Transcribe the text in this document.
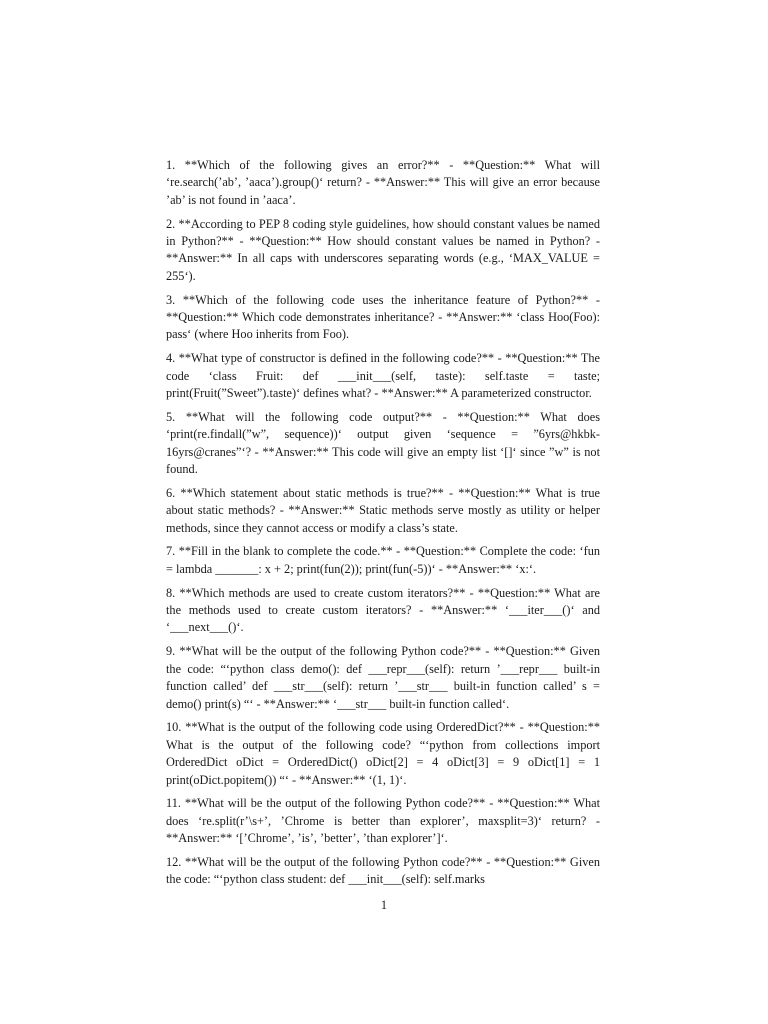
1. **Which of the following gives an error?** - **Question:** What will ‘re.search(’ab’, ’aaca’).group()‘ return? - **Answer:** This will give an error because ’ab’ is not found in ’aaca’.

2. **According to PEP 8 coding style guidelines, how should constant values be named in Python?** - **Question:** How should constant values be named in Python? - **Answer:** In all caps with underscores separating words (e.g., ‘MAX_VALUE = 255‘).

3. **Which of the following code uses the inheritance feature of Python?** - **Question:** Which code demonstrates inheritance? - **Answer:** ‘class Hoo(Foo): pass‘ (where Hoo inherits from Foo).

4. **What type of constructor is defined in the following code?** - **Question:** The code ‘class Fruit: def ___init___(self, taste): self.taste = taste; print(Fruit(”Sweet”).taste)‘ defines what? - **Answer:** A parameterized constructor.

5. **What will the following code output?** - **Question:** What does ‘print(re.findall(”w”, sequence))‘ output given ‘sequence = ”6yrs@hkbk-16yrs@cranes”‘? - **Answer:** This code will give an empty list ‘[]‘ since ”w” is not found.

6. **Which statement about static methods is true?** - **Question:** What is true about static methods? - **Answer:** Static methods serve mostly as utility or helper methods, since they cannot access or modify a class’s state.

7. **Fill in the blank to complete the code.** - **Question:** Complete the code: ‘fun = lambda _______: x + 2; print(fun(2)); print(fun(-5))‘ - **Answer:** ‘x:‘.

8. **Which methods are used to create custom iterators?** - **Question:** What are the methods used to create custom iterators? - **Answer:** ‘___iter___()‘ and ‘___next___()‘.

9. **What will be the output of the following Python code?** - **Question:** Given the code: “‘python class demo(): def ___repr___(self): return ’___repr___ built-in function called’ def ___str___(self): return ’___str___ built-in function called’ s = demo() print(s) “‘ - **Answer:** ‘___str___ built-in function called‘.

10. **What is the output of the following code using OrderedDict?** - **Question:** What is the output of the following code? “‘python from collections import OrderedDict oDict = OrderedDict() oDict[2] = 4 oDict[3] = 9 oDict[1] = 1 print(oDict.popitem()) “‘ - **Answer:** ‘(1, 1)‘.

11. **What will be the output of the following Python code?** - **Question:** What does ‘re.split(r’\s+’, ’Chrome is better than explorer’, maxsplit=3)‘ return? - **Answer:** ‘[’Chrome’, ’is’, ’better’, ’than explorer’]‘.

12. **What will be the output of the following Python code?** - **Question:** Given the code: “‘python class student: def ___init___(self): self.marks

1
